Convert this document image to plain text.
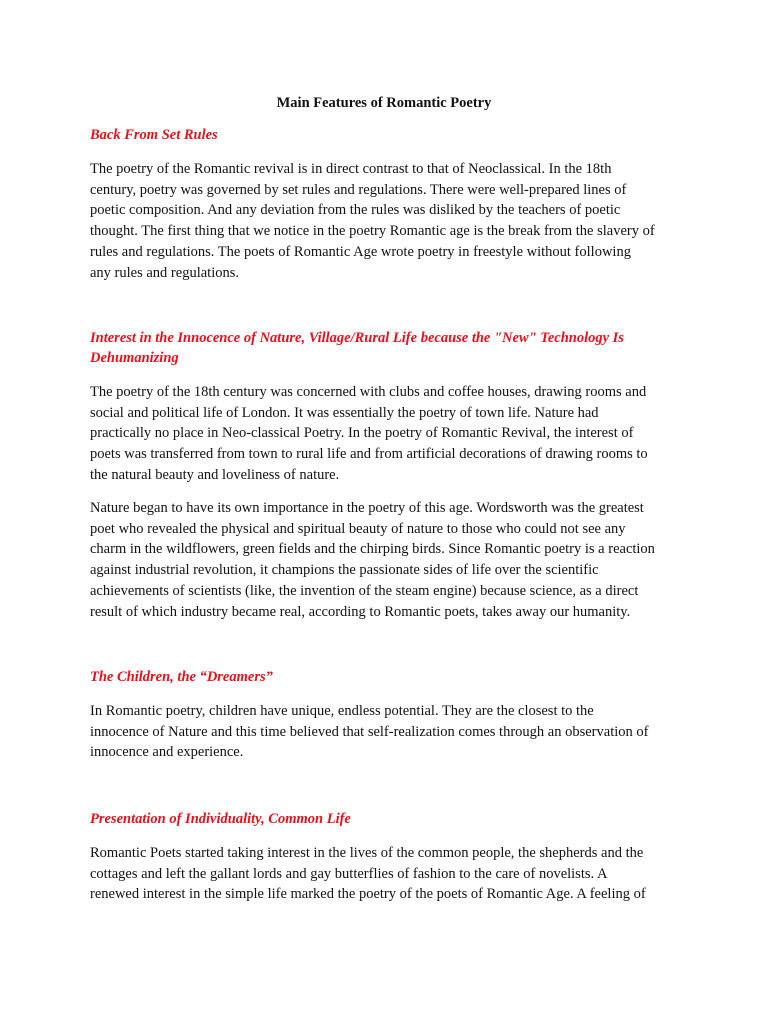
Main Features of Romantic Poetry
Back From Set Rules

The poetry of the Romantic revival is in direct contrast to that of Neoclassical. In the 18th
century, poetry was governed by set rules and regulations. There were well-prepared lines of
poetic composition. And any deviation from the rules was disliked by the teachers of poetic
thought. The first thing that we notice in the poetry Romantic age is the break from the slavery of
rules and regulations. The poets of Romantic Age wrote poetry in freestyle without following
any rules and regulations.

Interest in the Innocence of Nature, Village/Rural Life because the "New" Technology Is
Dehumanizing

The poetry of the 18th century was concerned with clubs and coffee houses, drawing rooms and
social and political life of London. It was essentially the poetry of town life. Nature had
practically no place in Neo-classical Poetry. In the poetry of Romantic Revival, the interest of
poets was transferred from town to rural life and from artificial decorations of drawing rooms to
the natural beauty and loveliness of nature.

Nature began to have its own importance in the poetry of this age. Wordsworth was the greatest
poet who revealed the physical and spiritual beauty of nature to those who could not see any
charm in the wildflowers, green fields and the chirping birds. Since Romantic poetry is a reaction
against industrial revolution, it champions the passionate sides of life over the scientific
achievements of scientists (like, the invention of the steam engine) because science, as a direct
result of which industry became real, according to Romantic poets, takes away our humanity.

The Children, the “Dreamers”

In Romantic poetry, children have unique, endless potential. They are the closest to the
innocence of Nature and this time believed that self-realization comes through an observation of
innocence and experience.

Presentation of Individuality, Common Life

Romantic Poets started taking interest in the lives of the common people, the shepherds and the
cottages and left the gallant lords and gay butterflies of fashion to the care of novelists. A
renewed interest in the simple life marked the poetry of the poets of Romantic Age. A feeling of
